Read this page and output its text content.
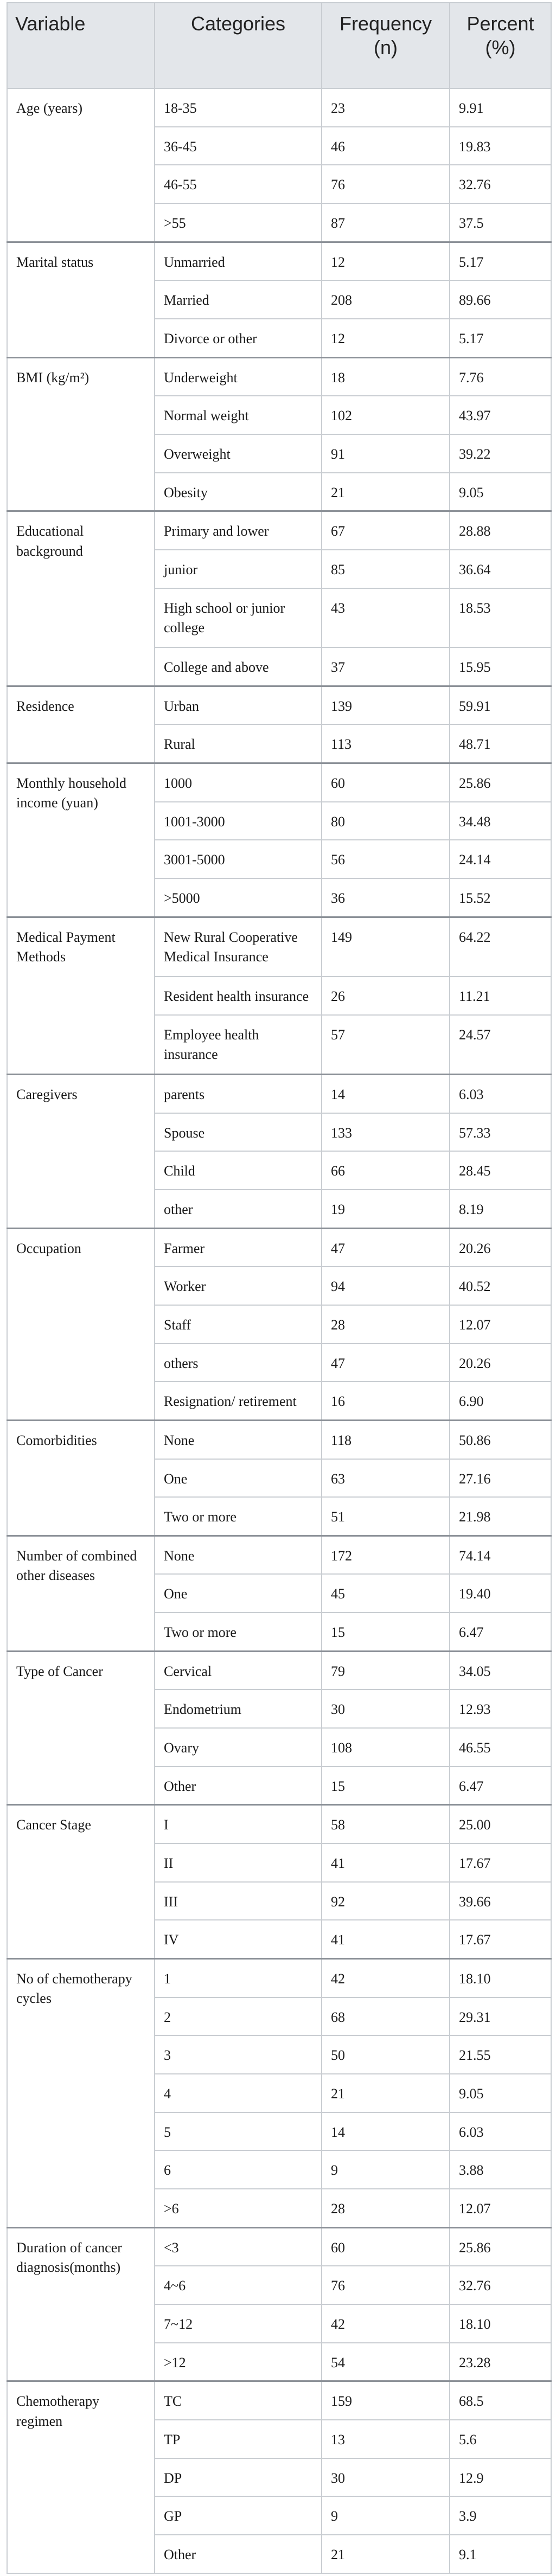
Variable	Categories	Frequency (n)	Percent (%)
Age (years)	18-35	23	9.91
	36-45	46	19.83
	46-55	76	32.76
	>55	87	37.5
Marital status	Unmarried	12	5.17
	Married	208	89.66
	Divorce or other	12	5.17
BMI (kg/m²)	Underweight	18	7.76
	Normal weight	102	43.97
	Overweight	91	39.22
	Obesity	21	9.05
Educational background	Primary and lower	67	28.88
	junior	85	36.64
	High school or junior college	43	18.53
	College and above	37	15.95
Residence	Urban	139	59.91
	Rural	113	48.71
Monthly household income (yuan)	1000	60	25.86
	1001-3000	80	34.48
	3001-5000	56	24.14
	>5000	36	15.52
Medical Payment Methods	New Rural Cooperative Medical Insurance	149	64.22
	Resident health insurance	26	11.21
	Employee health insurance	57	24.57
Caregivers	parents	14	6.03
	Spouse	133	57.33
	Child	66	28.45
	other	19	8.19
Occupation	Farmer	47	20.26
	Worker	94	40.52
	Staff	28	12.07
	others	47	20.26
	Resignation/ retirement	16	6.90
Comorbidities	None	118	50.86
	One	63	27.16
	Two or more	51	21.98
Number of combined other diseases	None	172	74.14
	One	45	19.40
	Two or more	15	6.47
Type of Cancer	Cervical	79	34.05
	Endometrium	30	12.93
	Ovary	108	46.55
	Other	15	6.47
Cancer Stage	I	58	25.00
	II	41	17.67
	III	92	39.66
	IV	41	17.67
No of chemotherapy cycles	1	42	18.10
	2	68	29.31
	3	50	21.55
	4	21	9.05
	5	14	6.03
	6	9	3.88
	>6	28	12.07
Duration of cancer diagnosis(months)	<3	60	25.86
	4~6	76	32.76
	7~12	42	18.10
	>12	54	23.28
Chemotherapy regimen	TC	159	68.5
	TP	13	5.6
	DP	30	12.9
	GP	9	3.9
	Other	21	9.1
